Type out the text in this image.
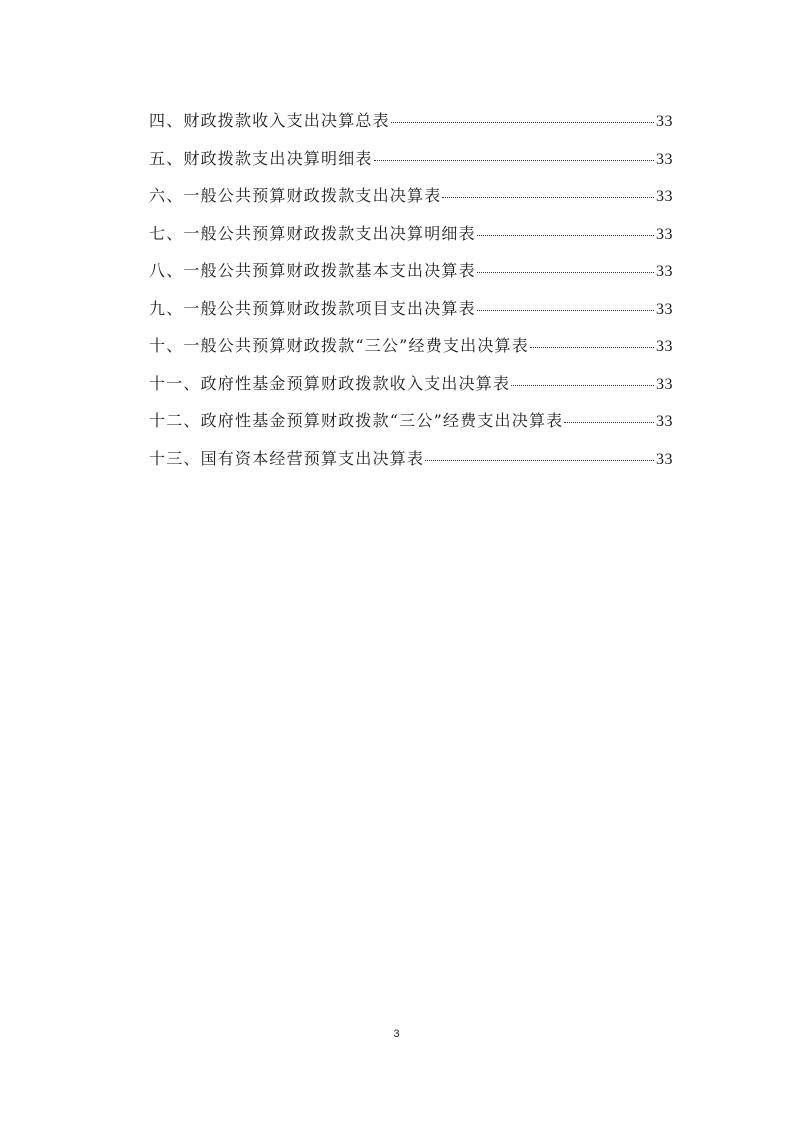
四、财政拨款收入支出决算总表	33
五、财政拨款支出决算明细表	33
六、一般公共预算财政拨款支出决算表	33
七、一般公共预算财政拨款支出决算明细表	33
八、一般公共预算财政拨款基本支出决算表	33
九、一般公共预算财政拨款项目支出决算表	33
十、一般公共预算财政拨款“三公”经费支出决算表	33
十一、政府性基金预算财政拨款收入支出决算表	33
十二、政府性基金预算财政拨款“三公”经费支出决算表	33
十三、国有资本经营预算支出决算表	33
3
